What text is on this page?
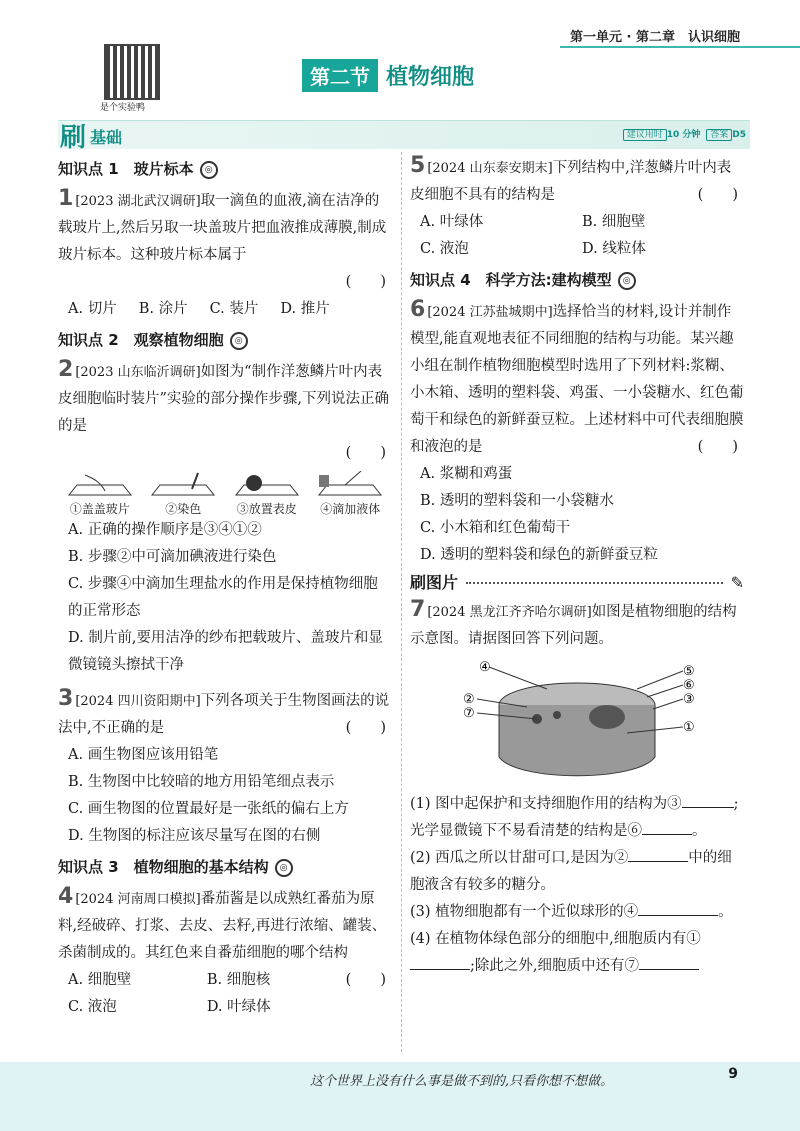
第一单元 · 第二章　认识细胞
是个实验鸭
第二节 植物细胞
刷 基础	建议用时 10 分钟 答案 D5
知识点 1　玻片标本	◎
1 [2023 湖北武汉调研]取一滴鱼的血液,滴在洁净的载玻片上,然后另取一块盖玻片把血液推成薄膜,制成玻片标本。这种玻片标本属于
(　　)
A. 切片 B. 涂片 C. 装片 D. 推片
知识点 2　观察植物细胞	◎
2 [2023 山东临沂调研]如图为“制作洋葱鳞片叶内表皮细胞临时装片”实验的部分操作步骤,下列说法正确的是
(　　)
①盖盖玻片	②染色	③放置表皮	④滴加液体
A. 正确的操作顺序是③④①②
B. 步骤②中可滴加碘液进行染色
C. 步骤④中滴加生理盐水的作用是保持植物细胞的正常形态
D. 制片前,要用洁净的纱布把载玻片、盖玻片和显微镜镜头擦拭干净
3 [2024 四川资阳期中]下列各项关于生物图画法的说法中,不正确的是	(　　)
A. 画生物图应该用铅笔
B. 生物图中比较暗的地方用铅笔细点表示
C. 画生物图的位置最好是一张纸的偏右上方
D. 生物图的标注应该尽量写在图的右侧
知识点 3　植物细胞的基本结构	◎
4 [2024 河南周口模拟]番茄酱是以成熟红番茄为原料,经破碎、打浆、去皮、去籽,再进行浓缩、罐装、杀菌制成的。其红色来自番茄细胞的哪个结构
(　　)
A. 细胞壁	B. 细胞核
C. 液泡	D. 叶绿体
5 [2024 山东泰安期末]下列结构中,洋葱鳞片叶内表皮细胞不具有的结构是	(　　)
A. 叶绿体	B. 细胞壁
C. 液泡	D. 线粒体
知识点 4　科学方法:建构模型	◎
6 [2024 江苏盐城期中]选择恰当的材料,设计并制作模型,能直观地表征不同细胞的结构与功能。某兴趣小组在制作植物细胞模型时选用了下列材料:浆糊、小木箱、透明的塑料袋、鸡蛋、一小袋糖水、红色葡萄干和绿色的新鲜蚕豆粒。上述材料中可代表细胞膜和液泡的是	(　　)
A. 浆糊和鸡蛋
B. 透明的塑料袋和一小袋糖水
C. 小木箱和红色葡萄干
D. 透明的塑料袋和绿色的新鲜蚕豆粒
刷图片	✎
7 [2024 黑龙江齐齐哈尔调研]如图是植物细胞的结构示意图。请据图回答下列问题。
④	⑤
⑥
②	③
⑦
①
(1) 图中起保护和支持细胞作用的结构为③	;光学显微镜下不易看清楚的结构是⑥	。
(2) 西瓜之所以甘甜可口,是因为②	中的细胞液含有较多的糖分。
(3) 植物细胞都有一个近似球形的④	。
(4) 在植物体绿色部分的细胞中,细胞质内有①;除此之外,细胞质中还有⑦
这个世界上没有什么事是做不到的,只看你想不想做。	9
